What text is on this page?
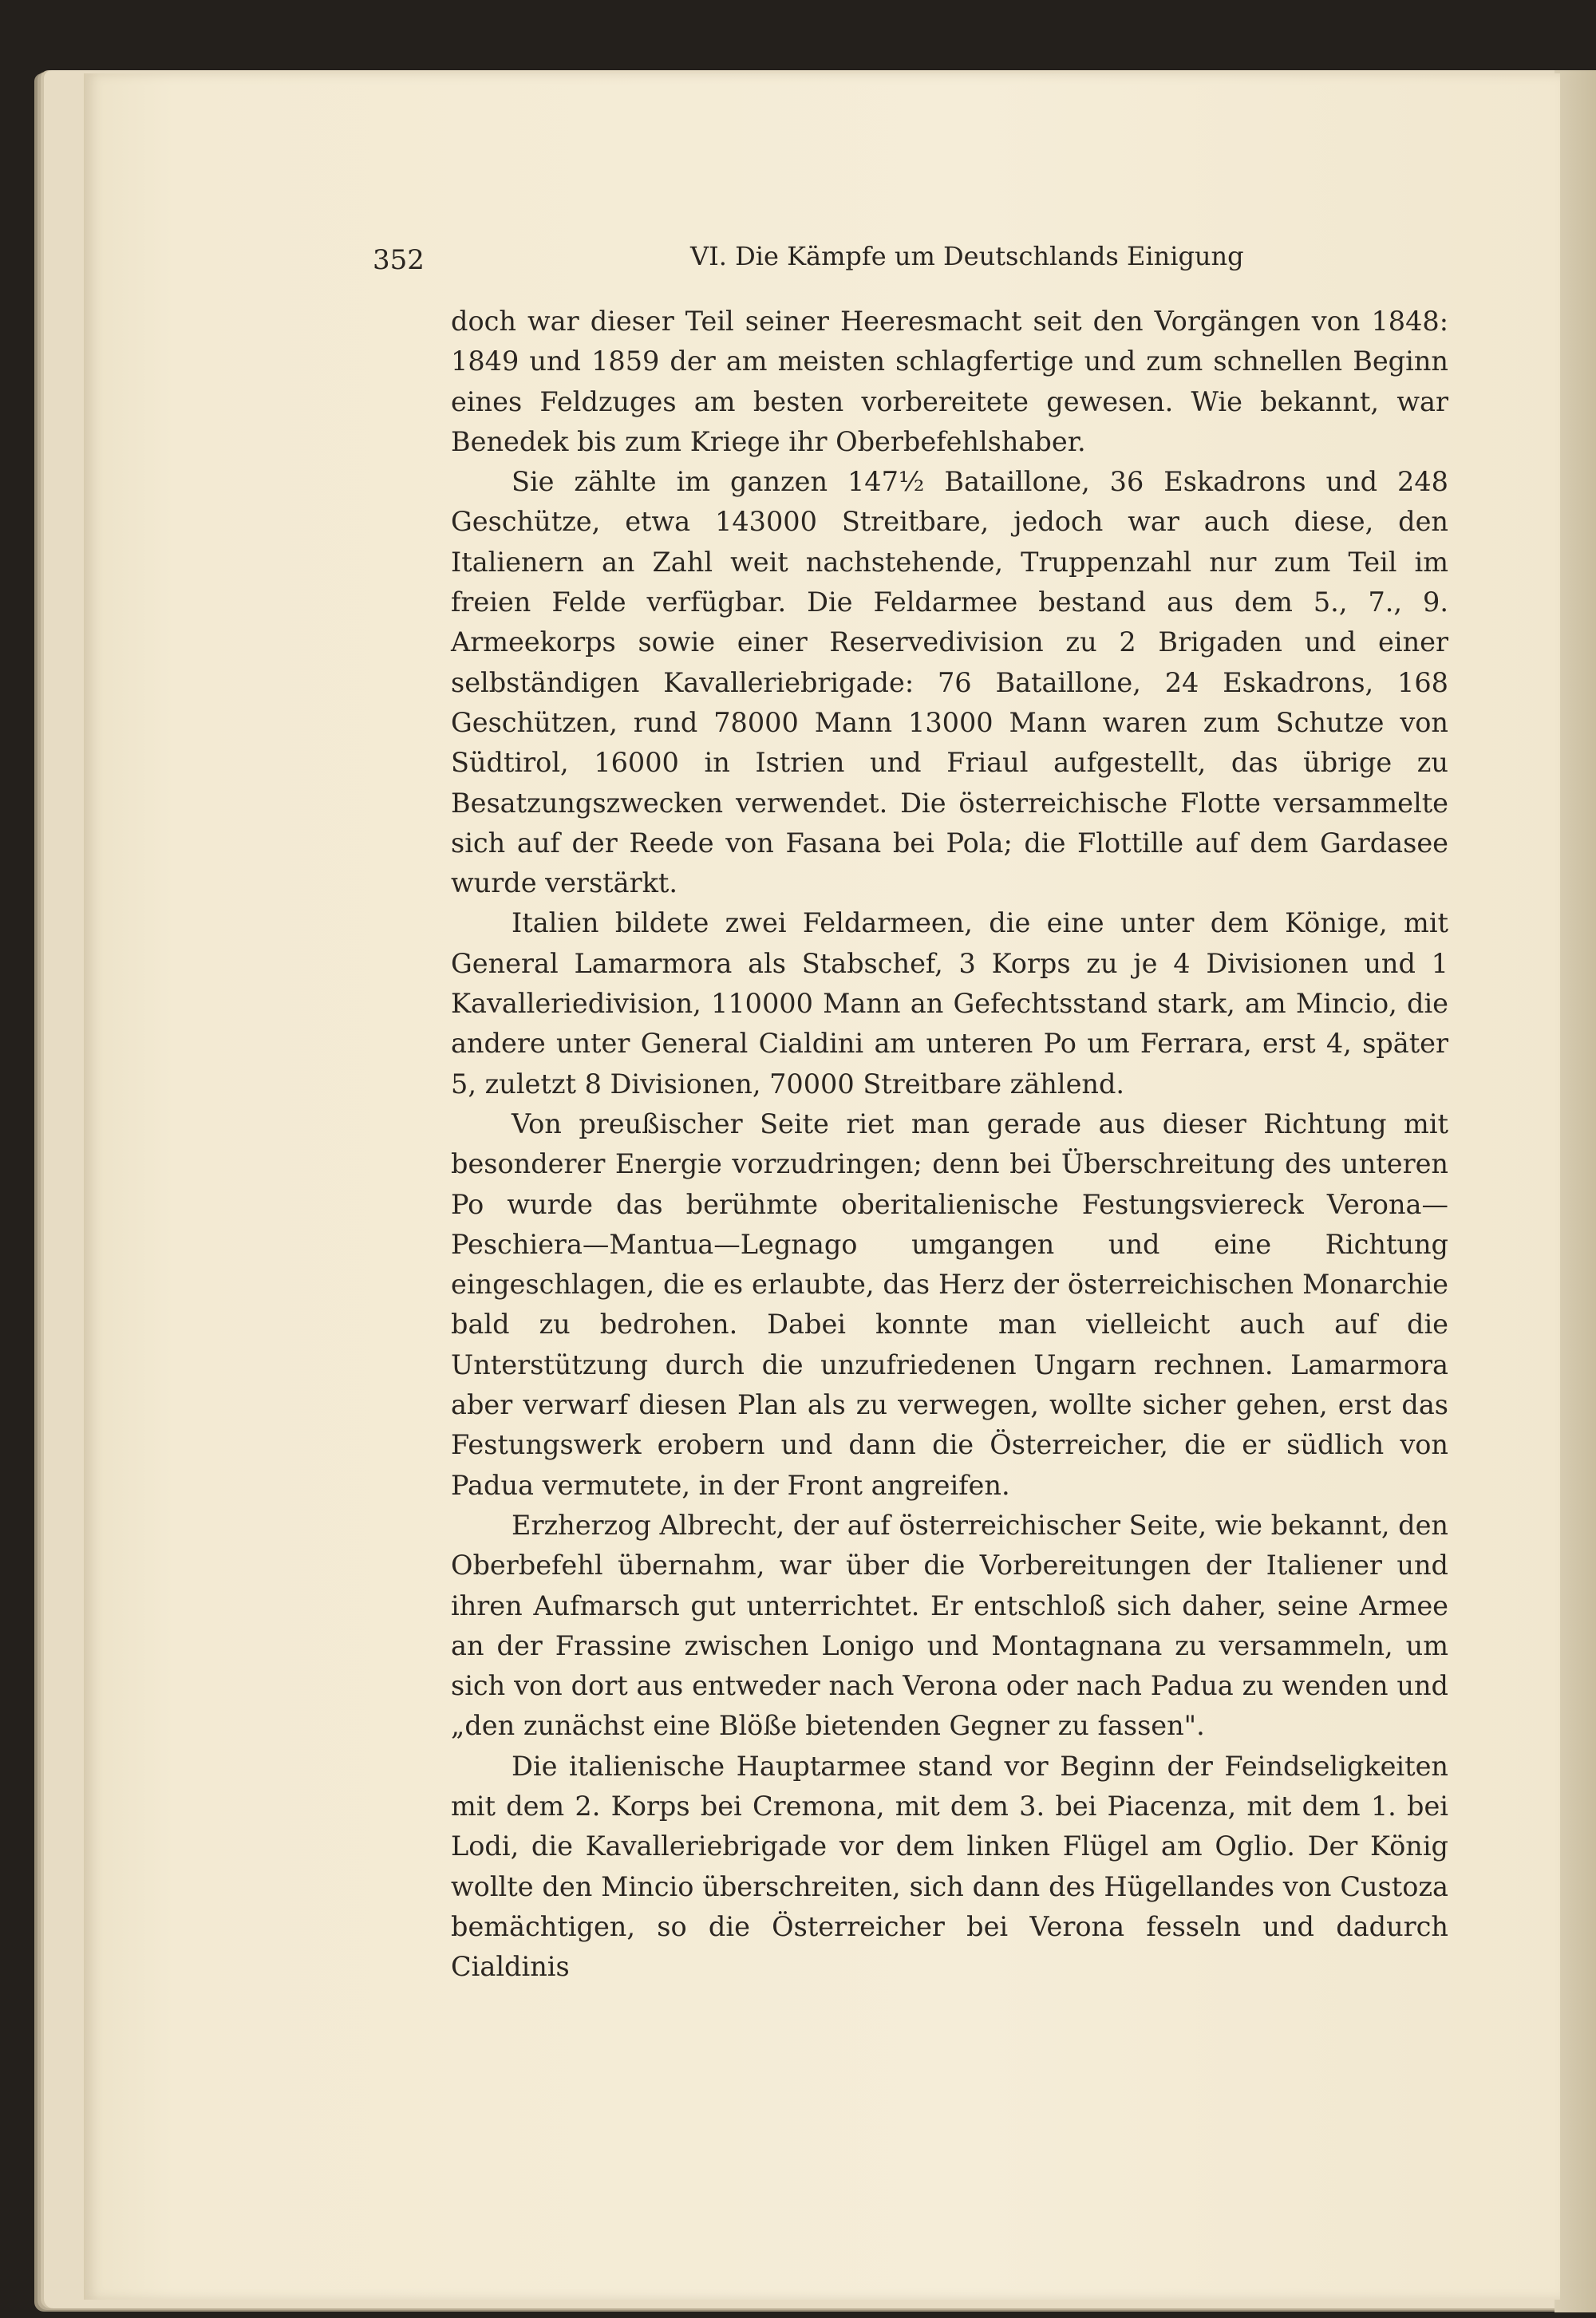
352	VI. Die Kämpfe um Deutschlands Einigung

doch war dieser Teil seiner Heeresmacht seit den Vorgängen von 1848: 1849 und 1859 der am meisten schlagfertige und zum schnellen Beginn eines Feldzuges am besten vorbereitete gewesen. Wie bekannt, war Benedek bis zum Kriege ihr Oberbefehlshaber.

Sie zählte im ganzen 147½ Bataillone, 36 Eskadrons und 248 Geschütze, etwa 143000 Streitbare, jedoch war auch diese, den Italienern an Zahl weit nachstehende, Truppenzahl nur zum Teil im freien Felde verfügbar. Die Feldarmee bestand aus dem 5., 7., 9. Armeekorps sowie einer Reservedivision zu 2 Brigaden und einer selbständigen Kavalleriebrigade: 76 Bataillone, 24 Eskadrons, 168 Geschützen, rund 78000 Mann 13000 Mann waren zum Schutze von Südtirol, 16000 in Istrien und Friaul aufgestellt, das übrige zu Besatzungszwecken verwendet. Die österreichische Flotte versammelte sich auf der Reede von Fasana bei Pola; die Flottille auf dem Gardasee wurde verstärkt.

Italien bildete zwei Feldarmeen, die eine unter dem Könige, mit General Lamarmora als Stabschef, 3 Korps zu je 4 Divisionen und 1 Kavalleriedivision, 110000 Mann an Gefechtsstand stark, am Mincio, die andere unter General Cialdini am unteren Po um Ferrara, erst 4, später 5, zuletzt 8 Divisionen, 70000 Streitbare zählend.

Von preußischer Seite riet man gerade aus dieser Richtung mit besonderer Energie vorzudringen; denn bei Überschreitung des unteren Po wurde das berühmte oberitalienische Festungsviereck Verona—Peschiera—Mantua—Legnago umgangen und eine Richtung eingeschlagen, die es erlaubte, das Herz der österreichischen Monarchie bald zu bedrohen. Dabei konnte man vielleicht auch auf die Unterstützung durch die unzufriedenen Ungarn rechnen. Lamarmora aber verwarf diesen Plan als zu verwegen, wollte sicher gehen, erst das Festungswerk erobern und dann die Österreicher, die er südlich von Padua vermutete, in der Front angreifen.

Erzherzog Albrecht, der auf österreichischer Seite, wie bekannt, den Oberbefehl übernahm, war über die Vorbereitungen der Italiener und ihren Aufmarsch gut unterrichtet. Er entschloß sich daher, seine Armee an der Frassine zwischen Lonigo und Montagnana zu versammeln, um sich von dort aus entweder nach Verona oder nach Padua zu wenden und „den zunächst eine Blöße bietenden Gegner zu fassen".

Die italienische Hauptarmee stand vor Beginn der Feindseligkeiten mit dem 2. Korps bei Cremona, mit dem 3. bei Piacenza, mit dem 1. bei Lodi, die Kavalleriebrigade vor dem linken Flügel am Oglio. Der König wollte den Mincio überschreiten, sich dann des Hügellandes von Custoza bemächtigen, so die Österreicher bei Verona fesseln und dadurch Cialdinis
